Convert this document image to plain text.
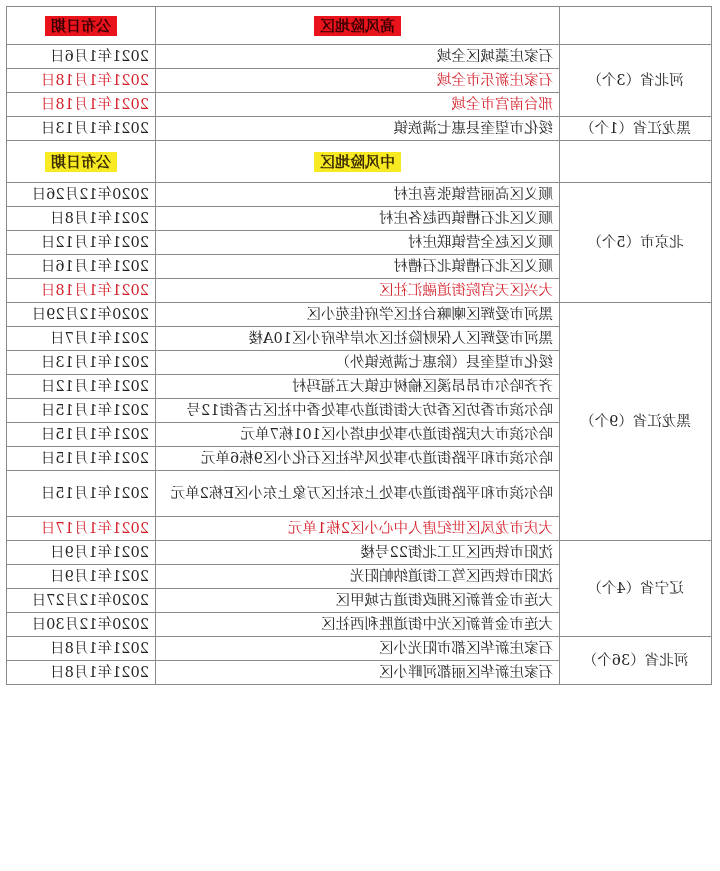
	高风险地区	公布日期
河北省（3个）	石家庄藁城区全域	2021年1月6日
	石家庄新乐市全域	2021年1月18日
	邢台南宫市全域	2021年1月18日
黑龙江省（1个）	绥化市望奎县惠七满族镇	2021年1月13日
	中风险地区	公布日期
北京市（5个）	顺义区高丽营镇张喜庄村	2020年12月26日
	顺义区北石槽镇西赵各庄村	2021年1月8日
	顺义区赵全营镇联庄村	2021年1月12日
	顺义区北石槽镇北石槽村	2021年1月16日
	大兴区天宫院街道融汇社区	2021年1月18日
黑龙江省（9个）	黑河市爱辉区喇嘛台社区学府佳苑小区	2020年12月29日
	黑河市爱辉区人保财险社区水岸华府小区10A楼	2021年1月7日
	绥化市望奎县（除惠七满族镇外）	2021年1月13日
	齐齐哈尔市昂昂溪区榆树屯镇大五福玛村	2021年1月12日
	哈尔滨市香坊区香坊大街街道办事处香中社区古香街12号	2021年1月15日
	哈尔滨市大庆路街道办事处电塔小区101栋7单元	2021年1月15日
	哈尔滨市和平路街道办事处风华社区石化小区9栋6单元	2021年1月15日
	哈尔滨市和平路街道办事处上东社区万象上东小区E栋2单元	2021年1月15日
	大庆市龙凤区世纪唐人中心小区2栋1单元	2021年1月17日
辽宁省（4个）	沈阳市铁西区卫工北街22号楼	2021年1月9日
	沈阳市铁西区笃工街道纳帕阳光	2021年1月9日
	大连市金普新区拥政街道古城甲区	2020年12月27日
	大连市金普新区光中街道胜利西社区	2020年12月30日
河北省（36个）	石家庄新华区都市阳光小区	2021年1月8日
	石家庄新华区丽都河畔小区	2021年1月8日
